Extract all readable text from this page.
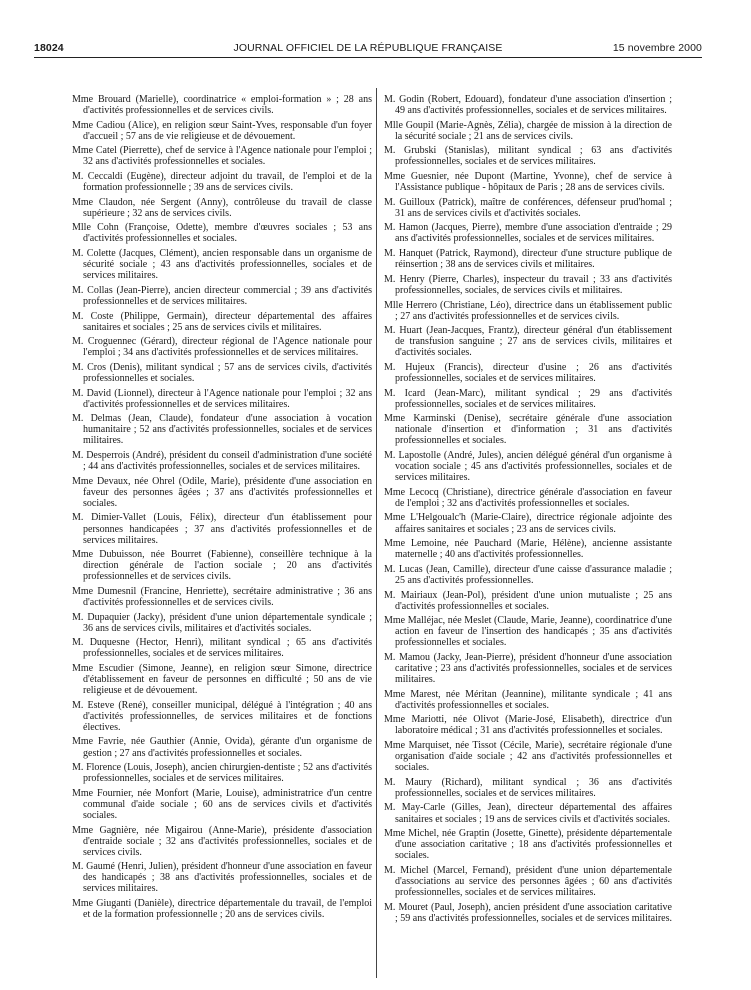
18024	JOURNAL OFFICIEL DE LA RÉPUBLIQUE FRANÇAISE	15 novembre 2000

Mme Brouard (Marielle), coordinatrice « emploi-formation » ; 28 ans d'activités professionnelles et de services civils.

Mme Cadiou (Alice), en religion sœur Saint-Yves, responsable d'un foyer d'accueil ; 57 ans de vie religieuse et de dévouement.

Mme Catel (Pierrette), chef de service à l'Agence nationale pour l'emploi ; 32 ans d'activités professionnelles et sociales.

M. Ceccaldi (Eugène), directeur adjoint du travail, de l'emploi et de la formation professionnelle ; 39 ans de services civils.

Mme Claudon, née Sergent (Anny), contrôleuse du travail de classe supérieure ; 32 ans de services civils.

Mlle Cohn (Françoise, Odette), membre d'œuvres sociales ; 53 ans d'activités professionnelles et sociales.

M. Colette (Jacques, Clément), ancien responsable dans un organisme de sécurité sociale ; 43 ans d'activités professionnelles, sociales et de services militaires.

M. Collas (Jean-Pierre), ancien directeur commercial ; 39 ans d'activités professionnelles et de services militaires.

M. Coste (Philippe, Germain), directeur départemental des affaires sanitaires et sociales ; 25 ans de services civils et militaires.

M. Croguennec (Gérard), directeur régional de l'Agence nationale pour l'emploi ; 34 ans d'activités professionnelles et de services militaires.

M. Cros (Denis), militant syndical ; 57 ans de services civils, d'activités professionnelles et sociales.

M. David (Lionnel), directeur à l'Agence nationale pour l'emploi ; 32 ans d'activités professionnelles et de services militaires.

M. Delmas (Jean, Claude), fondateur d'une association à vocation humanitaire ; 52 ans d'activités professionnelles, sociales et de services militaires.

M. Desperrois (André), président du conseil d'administration d'une société ; 44 ans d'activités professionnelles, sociales et de services militaires.

Mme Devaux, née Ohrel (Odile, Marie), présidente d'une association en faveur des personnes âgées ; 37 ans d'activités professionnelles et sociales.

M. Dimier-Vallet (Louis, Félix), directeur d'un établissement pour personnes handicapées ; 37 ans d'activités professionnelles et de services militaires.

Mme Dubuisson, née Bourret (Fabienne), conseillère technique à la direction générale de l'action sociale ; 20 ans d'activités professionnelles et de services civils.

Mme Dumesnil (Francine, Henriette), secrétaire administrative ; 36 ans d'activités professionnelles et de services civils.

M. Dupaquier (Jacky), président d'une union départementale syndicale ; 36 ans de services civils, militaires et d'activités sociales.

M. Duquesne (Hector, Henri), militant syndical ; 65 ans d'activités professionnelles, sociales et de services militaires.

Mme Escudier (Simone, Jeanne), en religion sœur Simone, directrice d'établissement en faveur de personnes en difficulté ; 50 ans de vie religieuse et de dévouement.

M. Esteve (René), conseiller municipal, délégué à l'intégration ; 40 ans d'activités professionnelles, de services militaires et de fonctions électives.

Mme Favrie, née Gauthier (Annie, Ovida), gérante d'un organisme de gestion ; 27 ans d'activités professionnelles et sociales.

M. Florence (Louis, Joseph), ancien chirurgien-dentiste ; 52 ans d'activités professionnelles, sociales et de services militaires.

Mme Fournier, née Monfort (Marie, Louise), administratrice d'un centre communal d'aide sociale ; 60 ans de services civils et d'activités sociales.

Mme Gagnière, née Migairou (Anne-Marie), présidente d'association d'entraide sociale ; 32 ans d'activités professionnelles, sociales et de services civils.

M. Gaumé (Henri, Julien), président d'honneur d'une association en faveur des handicapés ; 38 ans d'activités professionnelles, sociales et de services militaires.

Mme Giuganti (Danièle), directrice départementale du travail, de l'emploi et de la formation professionnelle ; 20 ans de services civils.

M. Godin (Robert, Edouard), fondateur d'une association d'insertion ; 49 ans d'activités professionnelles, sociales et de services militaires.

Mlle Goupil (Marie-Agnès, Zélia), chargée de mission à la direction de la sécurité sociale ; 21 ans de services civils.

M. Grubski (Stanislas), militant syndical ; 63 ans d'activités professionnelles, sociales et de services militaires.

Mme Guesnier, née Dupont (Martine, Yvonne), chef de service à l'Assistance publique - hôpitaux de Paris ; 28 ans de services civils.

M. Guilloux (Patrick), maître de conférences, défenseur prud'homal ; 31 ans de services civils et d'activités sociales.

M. Hamon (Jacques, Pierre), membre d'une association d'entraide ; 29 ans d'activités professionnelles, sociales et de services militaires.

M. Hanquet (Patrick, Raymond), directeur d'une structure publique de réinsertion ; 38 ans de services civils et militaires.

M. Henry (Pierre, Charles), inspecteur du travail ; 33 ans d'activités professionnelles, sociales, de services civils et militaires.

Mlle Herrero (Christiane, Léo), directrice dans un établissement public ; 27 ans d'activités professionnelles et de services civils.

M. Huart (Jean-Jacques, Frantz), directeur général d'un établissement de transfusion sanguine ; 27 ans de services civils, militaires et d'activités sociales.

M. Hujeux (Francis), directeur d'usine ; 26 ans d'activités professionnelles, sociales et de services militaires.

M. Icard (Jean-Marc), militant syndical ; 29 ans d'activités professionnelles, sociales et de services militaires.

Mme Karminski (Denise), secrétaire générale d'une association nationale d'insertion et d'information ; 31 ans d'activités professionnelles et sociales.

M. Lapostolle (André, Jules), ancien délégué général d'un organisme à vocation sociale ; 45 ans d'activités professionnelles, sociales et de services militaires.

Mme Lecocq (Christiane), directrice générale d'association en faveur de l'emploi ; 32 ans d'activités professionnelles et sociales.

Mme L'Helgoualc'h (Marie-Claire), directrice régionale adjointe des affaires sanitaires et sociales ; 23 ans de services civils.

Mme Lemoine, née Pauchard (Marie, Hélène), ancienne assistante maternelle ; 40 ans d'activités professionnelles.

M. Lucas (Jean, Camille), directeur d'une caisse d'assurance maladie ; 25 ans d'activités professionnelles.

M. Mairiaux (Jean-Pol), président d'une union mutualiste ; 25 ans d'activités professionnelles et sociales.

Mme Malléjac, née Meslet (Claude, Marie, Jeanne), coordinatrice d'une action en faveur de l'insertion des handicapés ; 35 ans d'activités professionnelles et sociales.

M. Mamou (Jacky, Jean-Pierre), président d'honneur d'une association caritative ; 23 ans d'activités professionnelles, sociales et de services militaires.

Mme Marest, née Méritan (Jeannine), militante syndicale ; 41 ans d'activités professionnelles et sociales.

Mme Mariotti, née Olivot (Marie-José, Elisabeth), directrice d'un laboratoire médical ; 31 ans d'activités professionnelles et sociales.

Mme Marquiset, née Tissot (Cécile, Marie), secrétaire régionale d'une organisation d'aide sociale ; 42 ans d'activités professionnelles et sociales.

M. Maury (Richard), militant syndical ; 36 ans d'activités professionnelles, sociales et de services militaires.

M. May-Carle (Gilles, Jean), directeur départemental des affaires sanitaires et sociales ; 19 ans de services civils et d'activités sociales.

Mme Michel, née Graptin (Josette, Ginette), présidente départementale d'une association caritative ; 18 ans d'activités professionnelles et sociales.

M. Michel (Marcel, Fernand), président d'une union départementale d'associations au service des personnes âgées ; 60 ans d'activités professionnelles, sociales et de services militaires.

M. Mouret (Paul, Joseph), ancien président d'une association caritative ; 59 ans d'activités professionnelles, sociales et de services militaires.
